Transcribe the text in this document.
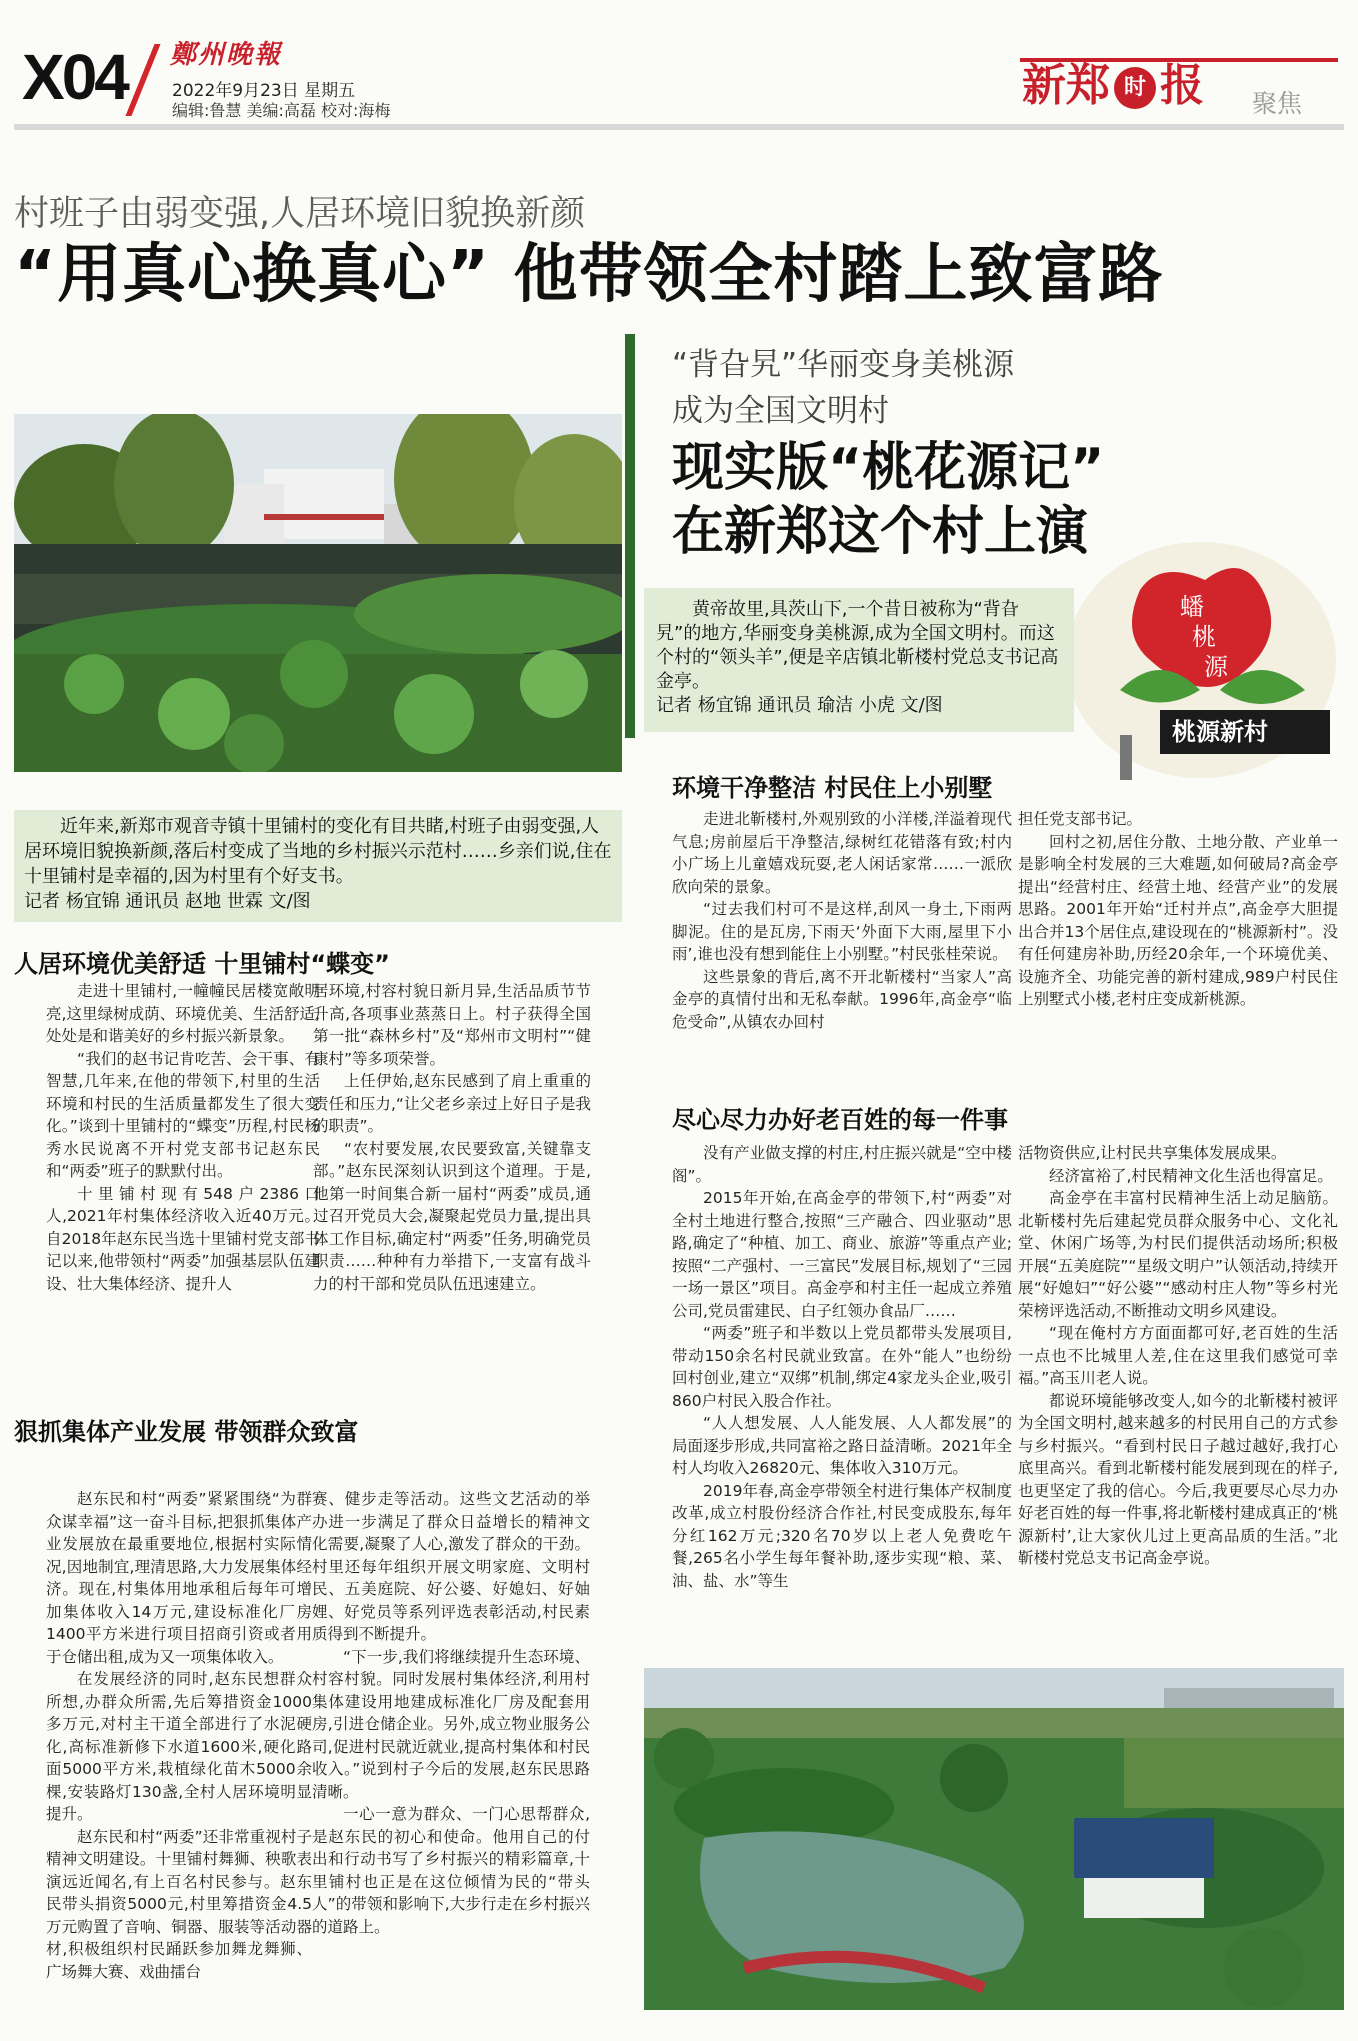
X04 鄭州晚報
2022年9月23日 星期五
编辑:鲁慧 美编:高磊 校对:海梅	新郑 时 报 聚焦
村班子由弱变强,人居环境旧貌换新颜
“用真心换真心” 他带领全村踏上致富路

近年来,新郑市观音寺镇十里铺村的变化有目共睹,村班子由弱变强,人居环境旧貌换新颜,落后村变成了当地的乡村振兴示范村……乡亲们说,住在十里铺村是幸福的,因为村里有个好支书。

记者 杨宜锦 通讯员 赵地 世霖 文/图
人居环境优美舒适 十里铺村“蝶变”

走进十里铺村,一幢幢民居楼宽敞明亮,这里绿树成荫、环境优美、生活舒适,处处是和谐美好的乡村振兴新景象。

“我们的赵书记肯吃苦、会干事、有智慧,几年来,在他的带领下,村里的生活环境和村民的生活质量都发生了很大变化。”谈到十里铺村的“蝶变”历程,村民杨秀水民说离不开村党支部书记赵东民和“两委”班子的默默付出。

十里铺村现有548户2386口人,2021年村集体经济收入近40万元。自2018年赵东民当选十里铺村党支部书记以来,他带领村“两委”加强基层队伍建设、壮大集体经济、提升人

居环境,村容村貌日新月异,生活品质节节升高,各项事业蒸蒸日上。村子获得全国第一批“森林乡村”及“郑州市文明村”“健康村”等多项荣誉。

上任伊始,赵东民感到了肩上重重的责任和压力,“让父老乡亲过上好日子是我的职责”。

“农村要发展,农民要致富,关键靠支部。”赵东民深刻认识到这个道理。于是,他第一时间集合新一届村“两委”成员,通过召开党员大会,凝聚起党员力量,提出具体工作目标,确定村“两委”任务,明确党员职责……种种有力举措下,一支富有战斗力的村干部和党员队伍迅速建立。

狠抓集体产业发展 带领群众致富

赵东民和村“两委”紧紧围绕“为群众谋幸福”这一奋斗目标,把狠抓集体产业发展放在最重要地位,根据村实际情况,因地制宜,理清思路,大力发展集体经济。现在,村集体用地承租后每年可增加集体收入14万元,建设标准化厂房1400平方米进行项目招商引资或者用于仓储出租,成为又一项集体收入。

在发展经济的同时,赵东民想群众所想,办群众所需,先后筹措资金1000多万元,对村主干道全部进行了水泥硬化,高标准新修下水道1600米,硬化路面5000平方米,栽植绿化苗木5000余棵,安装路灯130盏,全村人居环境明显提升。

赵东民和村“两委”还非常重视村子精神文明建设。十里铺村舞狮、秧歌表演远近闻名,有上百名村民参与。赵东民带头捐资5000元,村里筹措资金4.5万元购置了音响、铜器、服装等活动器材,积极组织村民踊跃参加舞龙舞狮、广场舞大赛、戏曲擂台

赛、健步走等活动。这些文艺活动的举办进一步满足了群众日益增长的精神文化需要,凝聚了人心,激发了群众的干劲。村里还每年组织开展文明家庭、文明村民、五美庭院、好公婆、好媳妇、好妯娌、好党员等系列评选表彰活动,村民素质得到不断提升。

“下一步,我们将继续提升生态环境、村容村貌。同时发展村集体经济,利用村集体建设用地建成标准化厂房及配套用房,引进仓储企业。另外,成立物业服务公司,促进村民就近就业,提高村集体和村民收入。”说到村子今后的发展,赵东民思路清晰。

一心一意为群众、一门心思帮群众,是赵东民的初心和使命。他用自己的付出和行动书写了乡村振兴的精彩篇章,十里铺村也正是在这位倾情为民的“带头人”的带领和影响下,大步行走在乡村振兴的道路上。

“背旮旯”华丽变身美桃源
成为全国文明村
现实版“桃花源记”
在新郑这个村上演
蟠
桃
源
桃源新村

黄帝故里,具茨山下,一个昔日被称为“背旮旯”的地方,华丽变身美桃源,成为全国文明村。而这个村的“领头羊”,便是辛店镇北靳楼村党总支书记高金亭。

记者 杨宜锦 通讯员 瑜洁 小虎 文/图
环境干净整洁 村民住上小别墅

走进北靳楼村,外观别致的小洋楼,洋溢着现代气息;房前屋后干净整洁,绿树红花错落有致;村内小广场上儿童嬉戏玩耍,老人闲话家常……一派欣欣向荣的景象。

“过去我们村可不是这样,刮风一身土,下雨两脚泥。住的是瓦房,下雨天‘外面下大雨,屋里下小雨’,谁也没有想到能住上小别墅。”村民张桂荣说。

这些景象的背后,离不开北靳楼村“当家人”高金亭的真情付出和无私奉献。1996年,高金亭“临危受命”,从镇农办回村

担任党支部书记。

回村之初,居住分散、土地分散、产业单一是影响全村发展的三大难题,如何破局?高金亭提出“经营村庄、经营土地、经营产业”的发展思路。2001年开始“迁村并点”,高金亭大胆提出合并13个居住点,建设现在的“桃源新村”。没有任何建房补助,历经20余年,一个环境优美、设施齐全、功能完善的新村建成,989户村民住上别墅式小楼,老村庄变成新桃源。

尽心尽力办好老百姓的每一件事

没有产业做支撑的村庄,村庄振兴就是“空中楼阁”。

2015年开始,在高金亭的带领下,村“两委”对全村土地进行整合,按照“三产融合、四业驱动”思路,确定了“种植、加工、商业、旅游”等重点产业;按照“二产强村、一三富民”发展目标,规划了“三园一场一景区”项目。高金亭和村主任一起成立养殖公司,党员雷建民、白子红领办食品厂……

“两委”班子和半数以上党员都带头发展项目,带动150余名村民就业致富。在外“能人”也纷纷回村创业,建立“双绑”机制,绑定4家龙头企业,吸引860户村民入股合作社。

“人人想发展、人人能发展、人人都发展”的局面逐步形成,共同富裕之路日益清晰。2021年全村人均收入26820元、集体收入310万元。

2019年春,高金亭带领全村进行集体产权制度改革,成立村股份经济合作社,村民变成股东,每年分红162万元;320名70岁以上老人免费吃午餐,265名小学生每年餐补助,逐步实现“粮、菜、油、盐、水”等生

活物资供应,让村民共享集体发展成果。

经济富裕了,村民精神文化生活也得富足。

高金亭在丰富村民精神生活上动足脑筋。北靳楼村先后建起党员群众服务中心、文化礼堂、休闲广场等,为村民们提供活动场所;积极开展“五美庭院”“星级文明户”认领活动,持续开展“好媳妇”“好公婆”“感动村庄人物”等乡村光荣榜评选活动,不断推动文明乡风建设。

“现在俺村方方面面都可好,老百姓的生活一点也不比城里人差,住在这里我们感觉可幸福。”高玉川老人说。

都说环境能够改变人,如今的北靳楼村被评为全国文明村,越来越多的村民用自己的方式参与乡村振兴。“看到村民日子越过越好,我打心底里高兴。看到北靳楼村能发展到现在的样子,也更坚定了我的信心。今后,我更要尽心尽力办好老百姓的每一件事,将北靳楼村建成真正的‘桃源新村’,让大家伙儿过上更高品质的生活。”北靳楼村党总支书记高金亭说。
